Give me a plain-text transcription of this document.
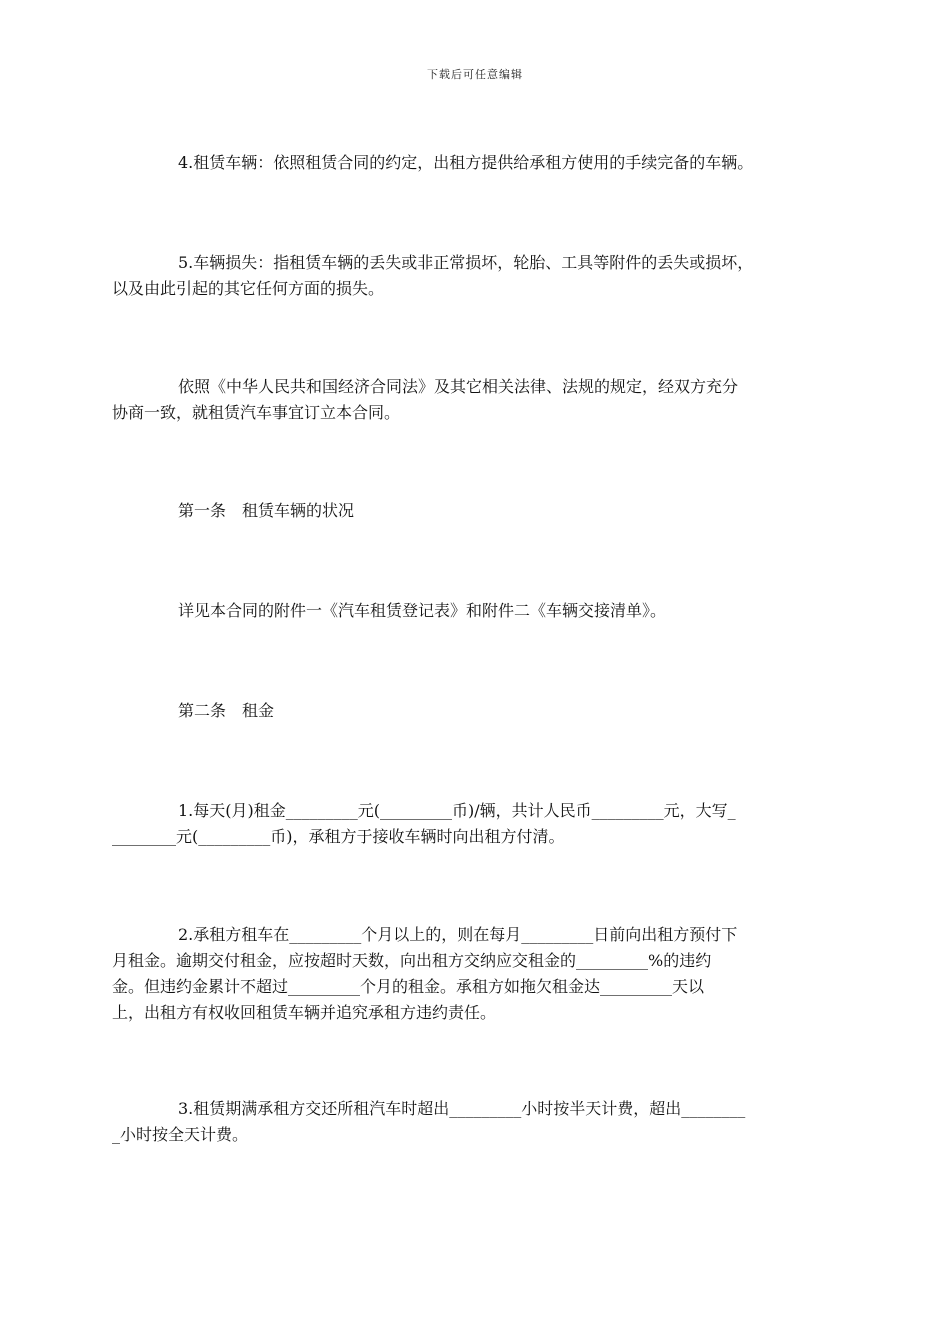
下载后可任意编辑
4.租赁车辆：依照租赁合同的约定，出租方提供给承租方使用的手续完备的车辆。
5.车辆损失：指租赁车辆的丢失或非正常损坏，轮胎、工具等附件的丢失或损坏，
以及由此引起的其它任何方面的损失。
依照《中华人民共和国经济合同法》及其它相关法律、法规的规定，经双方充分
协商一致，就租赁汽车事宜订立本合同。
第一条　租赁车辆的状况
详见本合同的附件一《汽车租赁登记表》和附件二《车辆交接清单》。
第二条　租金
1.每天(月)租金_________元(_________币)/辆，共计人民币_________元，大写_
________元(_________币)，承租方于接收车辆时向出租方付清。
2.承租方租车在_________个月以上的，则在每月_________日前向出租方预付下
月租金。逾期交付租金，应按超时天数，向出租方交纳应交租金的_________%的违约
金。但违约金累计不超过_________个月的租金。承租方如拖欠租金达_________天以
上，出租方有权收回租赁车辆并追究承租方违约责任。
3.租赁期满承租方交还所租汽车时超出_________小时按半天计费，超出________
_小时按全天计费。
